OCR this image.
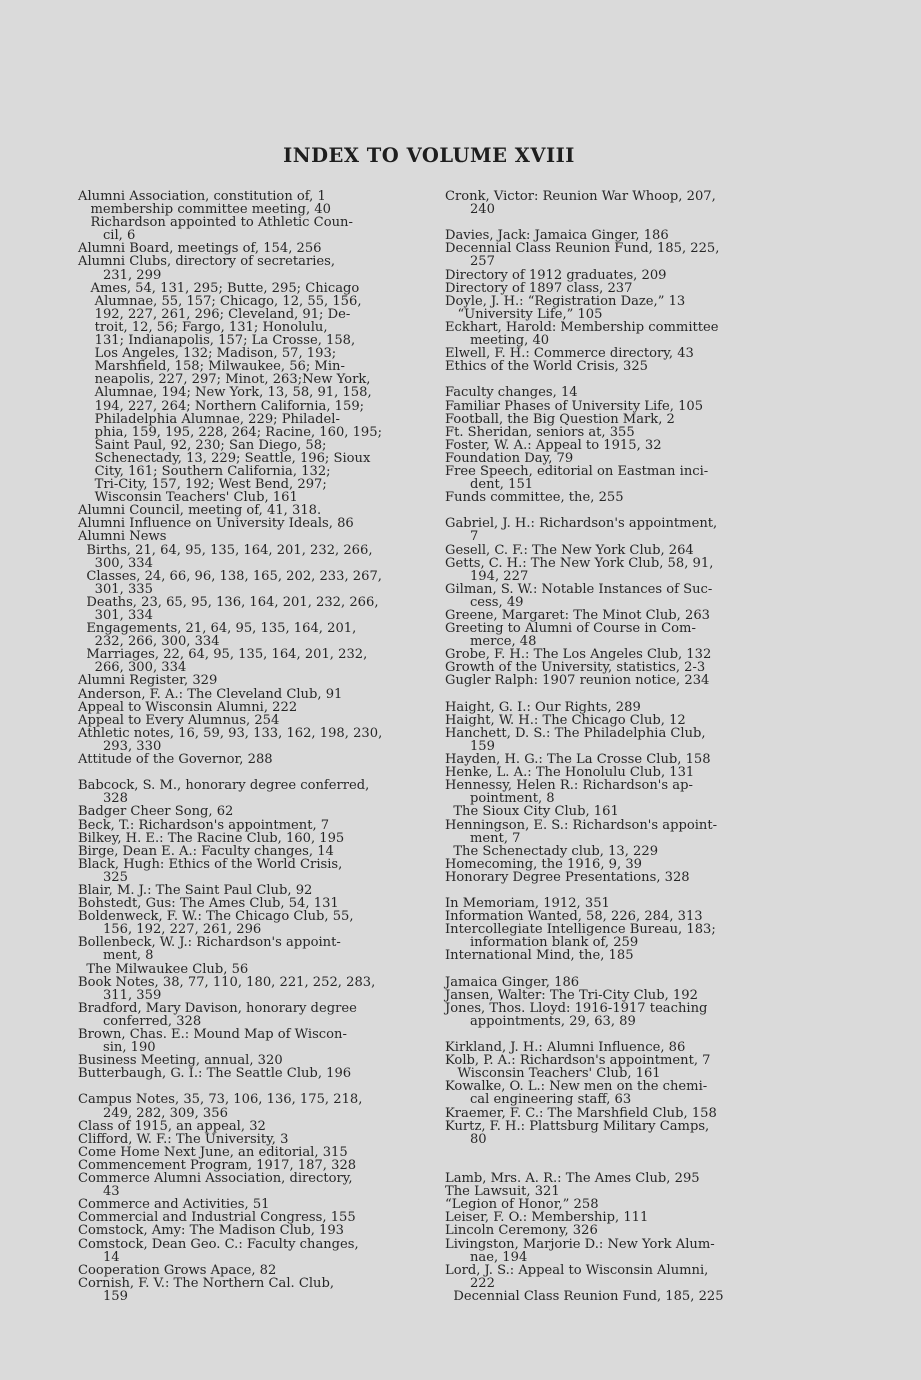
INDEX TO VOLUME XVIII
Alumni Association, constitution of, 1
membership committee meeting, 40
Richardson appointed to Athletic Coun-
cil, 6
Alumni Board, meetings of, 154, 256
Alumni Clubs, directory of secretaries,
231, 299
Ames, 54, 131, 295; Butte, 295; Chicago
Alumnae, 55, 157; Chicago, 12, 55, 156,
192, 227, 261, 296; Cleveland, 91; De-
troit, 12, 56; Fargo, 131; Honolulu,
131; Indianapolis, 157; La Crosse, 158,
Los Angeles, 132; Madison, 57, 193;
Marshfield, 158; Milwaukee, 56; Min-
neapolis, 227, 297; Minot, 263;New York,
Alumnae, 194; New York, 13, 58, 91, 158,
194, 227, 264; Northern California, 159;
Philadelphia Alumnae, 229; Philadel-
phia, 159, 195, 228, 264; Racine, 160, 195;
Saint Paul, 92, 230; San Diego, 58;
Schenectady, 13, 229; Seattle, 196; Sioux
City, 161; Southern California, 132;
Tri-City, 157, 192; West Bend, 297;
Wisconsin Teachers' Club, 161
Alumni Council, meeting of, 41, 318.
Alumni Influence on University Ideals, 86
Alumni News
Births, 21, 64, 95, 135, 164, 201, 232, 266,
300, 334
Classes, 24, 66, 96, 138, 165, 202, 233, 267,
301, 335
Deaths, 23, 65, 95, 136, 164, 201, 232, 266,
301, 334
Engagements, 21, 64, 95, 135, 164, 201,
232, 266, 300, 334
Marriages, 22, 64, 95, 135, 164, 201, 232,
266, 300, 334
Alumni Register, 329
Anderson, F. A.: The Cleveland Club, 91
Appeal to Wisconsin Alumni, 222
Appeal to Every Alumnus, 254
Athletic notes, 16, 59, 93, 133, 162, 198, 230,
293, 330
Attitude of the Governor, 288
Babcock, S. M., honorary degree conferred,
328
Badger Cheer Song, 62
Beck, T.: Richardson's appointment, 7
Bilkey, H. E.: The Racine Club, 160, 195
Birge, Dean E. A.: Faculty changes, 14
Black, Hugh: Ethics of the World Crisis,
325
Blair, M. J.: The Saint Paul Club, 92
Bohstedt, Gus: The Ames Club, 54, 131
Boldenweck, F. W.: The Chicago Club, 55,
156, 192, 227, 261, 296
Bollenbeck, W. J.: Richardson's appoint-
ment, 8
The Milwaukee Club, 56
Book Notes, 38, 77, 110, 180, 221, 252, 283,
311, 359
Bradford, Mary Davison, honorary degree
conferred, 328
Brown, Chas. E.: Mound Map of Wiscon-
sin, 190
Business Meeting, annual, 320
Butterbaugh, G. I.: The Seattle Club, 196
Campus Notes, 35, 73, 106, 136, 175, 218,
249, 282, 309, 356
Class of 1915, an appeal, 32
Clifford, W. F.: The University, 3
Come Home Next June, an editorial, 315
Commencement Program, 1917, 187, 328
Commerce Alumni Association, directory,
43
Commerce and Activities, 51
Commercial and Industrial Congress, 155
Comstock, Amy: The Madison Club, 193
Comstock, Dean Geo. C.: Faculty changes,
14
Cooperation Grows Apace, 82
Cornish, F. V.: The Northern Cal. Club,
159
Cronk, Victor: Reunion War Whoop, 207,
240
Davies, Jack: Jamaica Ginger, 186
Decennial Class Reunion Fund, 185, 225,
257
Directory of 1912 graduates, 209
Directory of 1897 class, 237
Doyle, J. H.: “Registration Daze,” 13
“University Life,” 105
Eckhart, Harold: Membership committee
meeting, 40
Elwell, F. H.: Commerce directory, 43
Ethics of the World Crisis, 325
Faculty changes, 14
Familiar Phases of University Life, 105
Football, the Big Question Mark, 2
Ft. Sheridan, seniors at, 355
Foster, W. A.: Appeal to 1915, 32
Foundation Day, 79
Free Speech, editorial on Eastman inci-
dent, 151
Funds committee, the, 255
Gabriel, J. H.: Richardson's appointment,
7
Gesell, C. F.: The New York Club, 264
Getts, C. H.: The New York Club, 58, 91,
194, 227
Gilman, S. W.: Notable Instances of Suc-
cess, 49
Greene, Margaret: The Minot Club, 263
Greeting to Alumni of Course in Com-
merce, 48
Grobe, F. H.: The Los Angeles Club, 132
Growth of the University, statistics, 2-3
Gugler Ralph: 1907 reunion notice, 234
Haight, G. I.: Our Rights, 289
Haight, W. H.: The Chicago Club, 12
Hanchett, D. S.: The Philadelphia Club,
159
Hayden, H. G.: The La Crosse Club, 158
Henke, L. A.: The Honolulu Club, 131
Hennessy, Helen R.: Richardson's ap-
pointment, 8
The Sioux City Club, 161
Henningson, E. S.: Richardson's appoint-
ment, 7
The Schenectady club, 13, 229
Homecoming, the 1916, 9, 39
Honorary Degree Presentations, 328
In Memoriam, 1912, 351
Information Wanted, 58, 226, 284, 313
Intercollegiate Intelligence Bureau, 183;
information blank of, 259
International Mind, the, 185
Jamaica Ginger, 186
Jansen, Walter: The Tri-City Club, 192
Jones, Thos. Lloyd: 1916-1917 teaching
appointments, 29, 63, 89
Kirkland, J. H.: Alumni Influence, 86
Kolb, P. A.: Richardson's appointment, 7
Wisconsin Teachers' Club, 161
Kowalke, O. L.: New men on the chemi-
cal engineering staff, 63
Kraemer, F. C.: The Marshfield Club, 158
Kurtz, F. H.: Plattsburg Military Camps,
80
Lamb, Mrs. A. R.: The Ames Club, 295
The Lawsuit, 321
“Legion of Honor,” 258
Leiser, F. O.: Membership, 111
Lincoln Ceremony, 326
Livingston, Marjorie D.: New York Alum-
nae, 194
Lord, J. S.: Appeal to Wisconsin Alumni,
222
Decennial Class Reunion Fund, 185, 225
